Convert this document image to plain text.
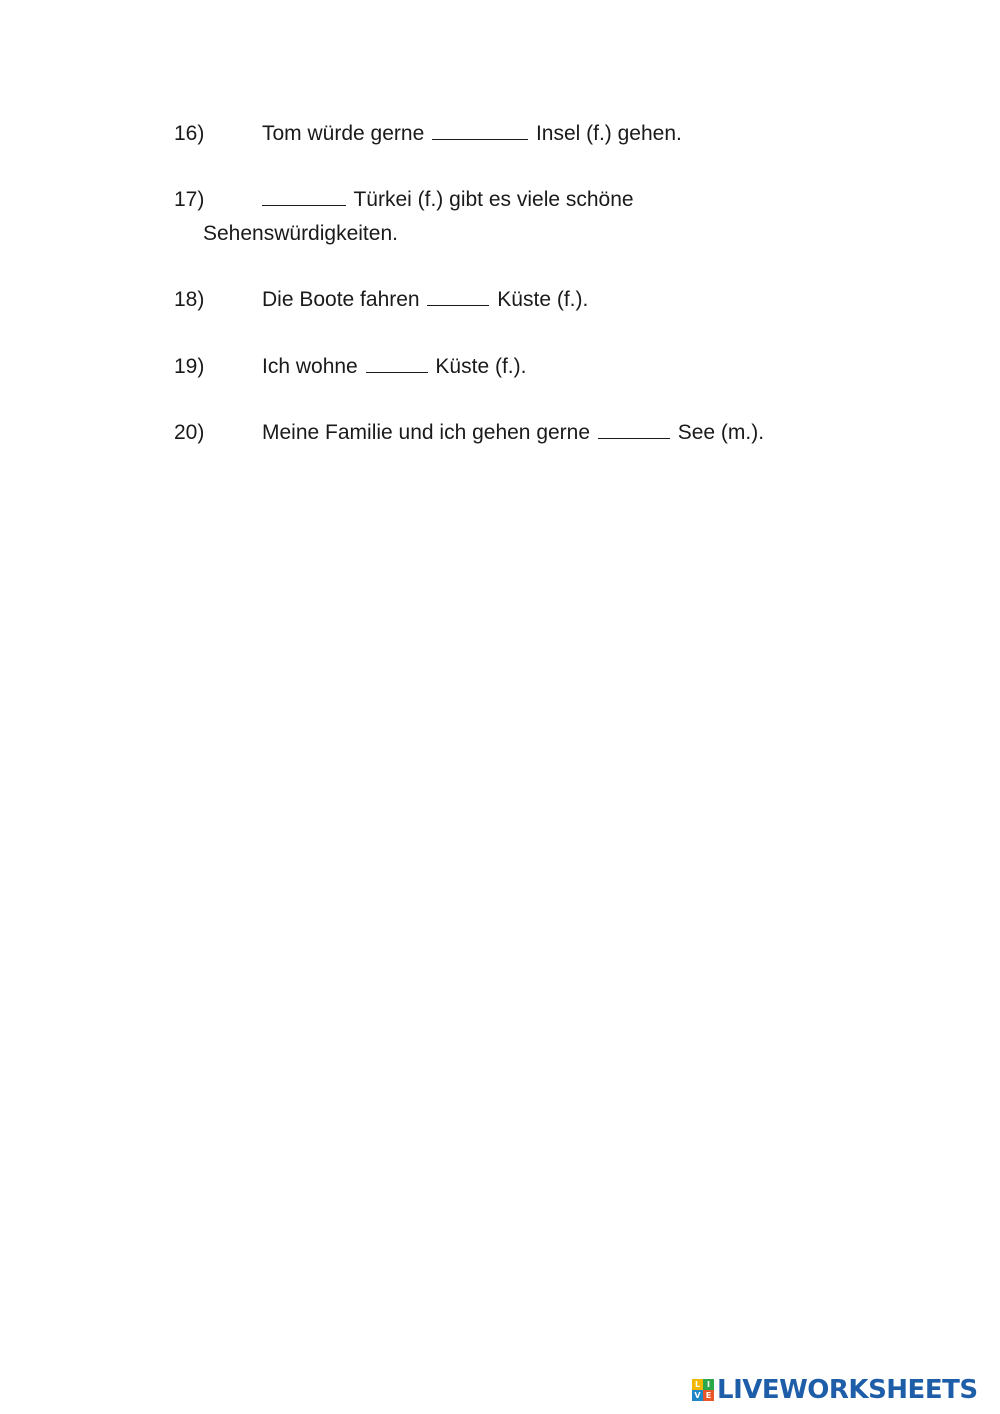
16)	Tom würde gerne	Insel (f.) gehen.
17)	Türkei (f.) gibt es viele schöne
Sehenswürdigkeiten.
18)	Die Boote fahren	Küste (f.).
19)	Ich wohne	Küste (f.).
20)	Meine Familie und ich gehen gerne	See (m.).
L I
V E LIVEWORKSHEETS
